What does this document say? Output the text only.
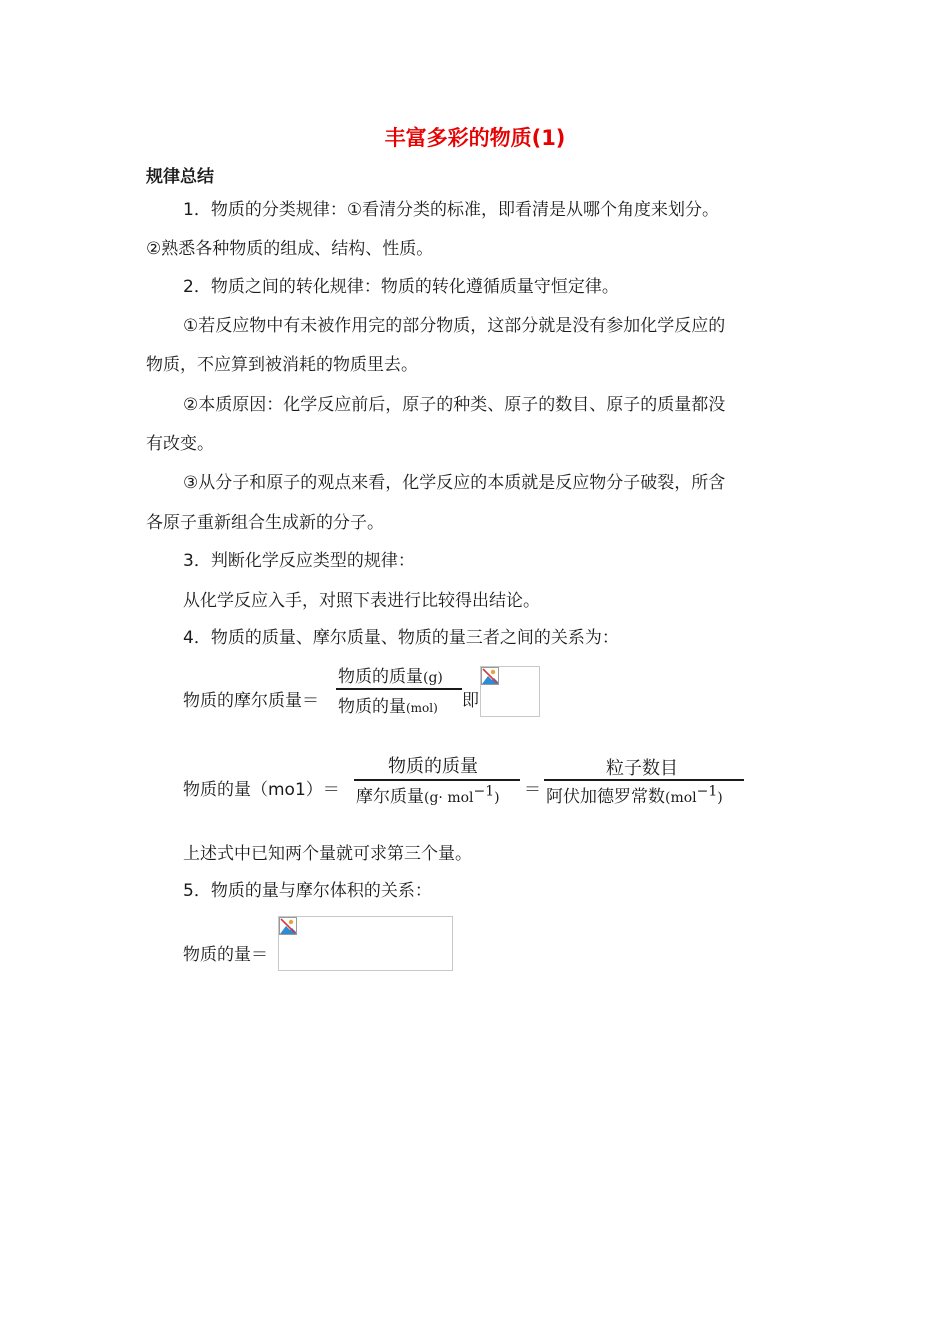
丰富多彩的物质(1)
规律总结
1．物质的分类规律：①看清分类的标准，即看清是从哪个角度来划分。
②熟悉各种物质的组成、结构、性质。
2．物质之间的转化规律：物质的转化遵循质量守恒定律。
①若反应物中有未被作用完的部分物质，这部分就是没有参加化学反应的
物质，不应算到被消耗的物质里去。
②本质原因：化学反应前后，原子的种类、原子的数目、原子的质量都没
有改变。
③从分子和原子的观点来看，化学反应的本质就是反应物分子破裂，所含
各原子重新组合生成新的分子。
3．判断化学反应类型的规律：
从化学反应入手，对照下表进行比较得出结论。
4．物质的质量、摩尔质量、物质的量三者之间的关系为：
物质的摩尔质量＝
物质的质量(g)
物质的量(mol) 即
物质的量（mo1）＝
物质的质量
摩尔质量(g· mol$^{-1}$) ＝
粒子数目
阿伏加德罗常数(mol$^{-1}$)
上述式中已知两个量就可求第三个量。
5．物质的量与摩尔体积的关系：
物质的量＝
